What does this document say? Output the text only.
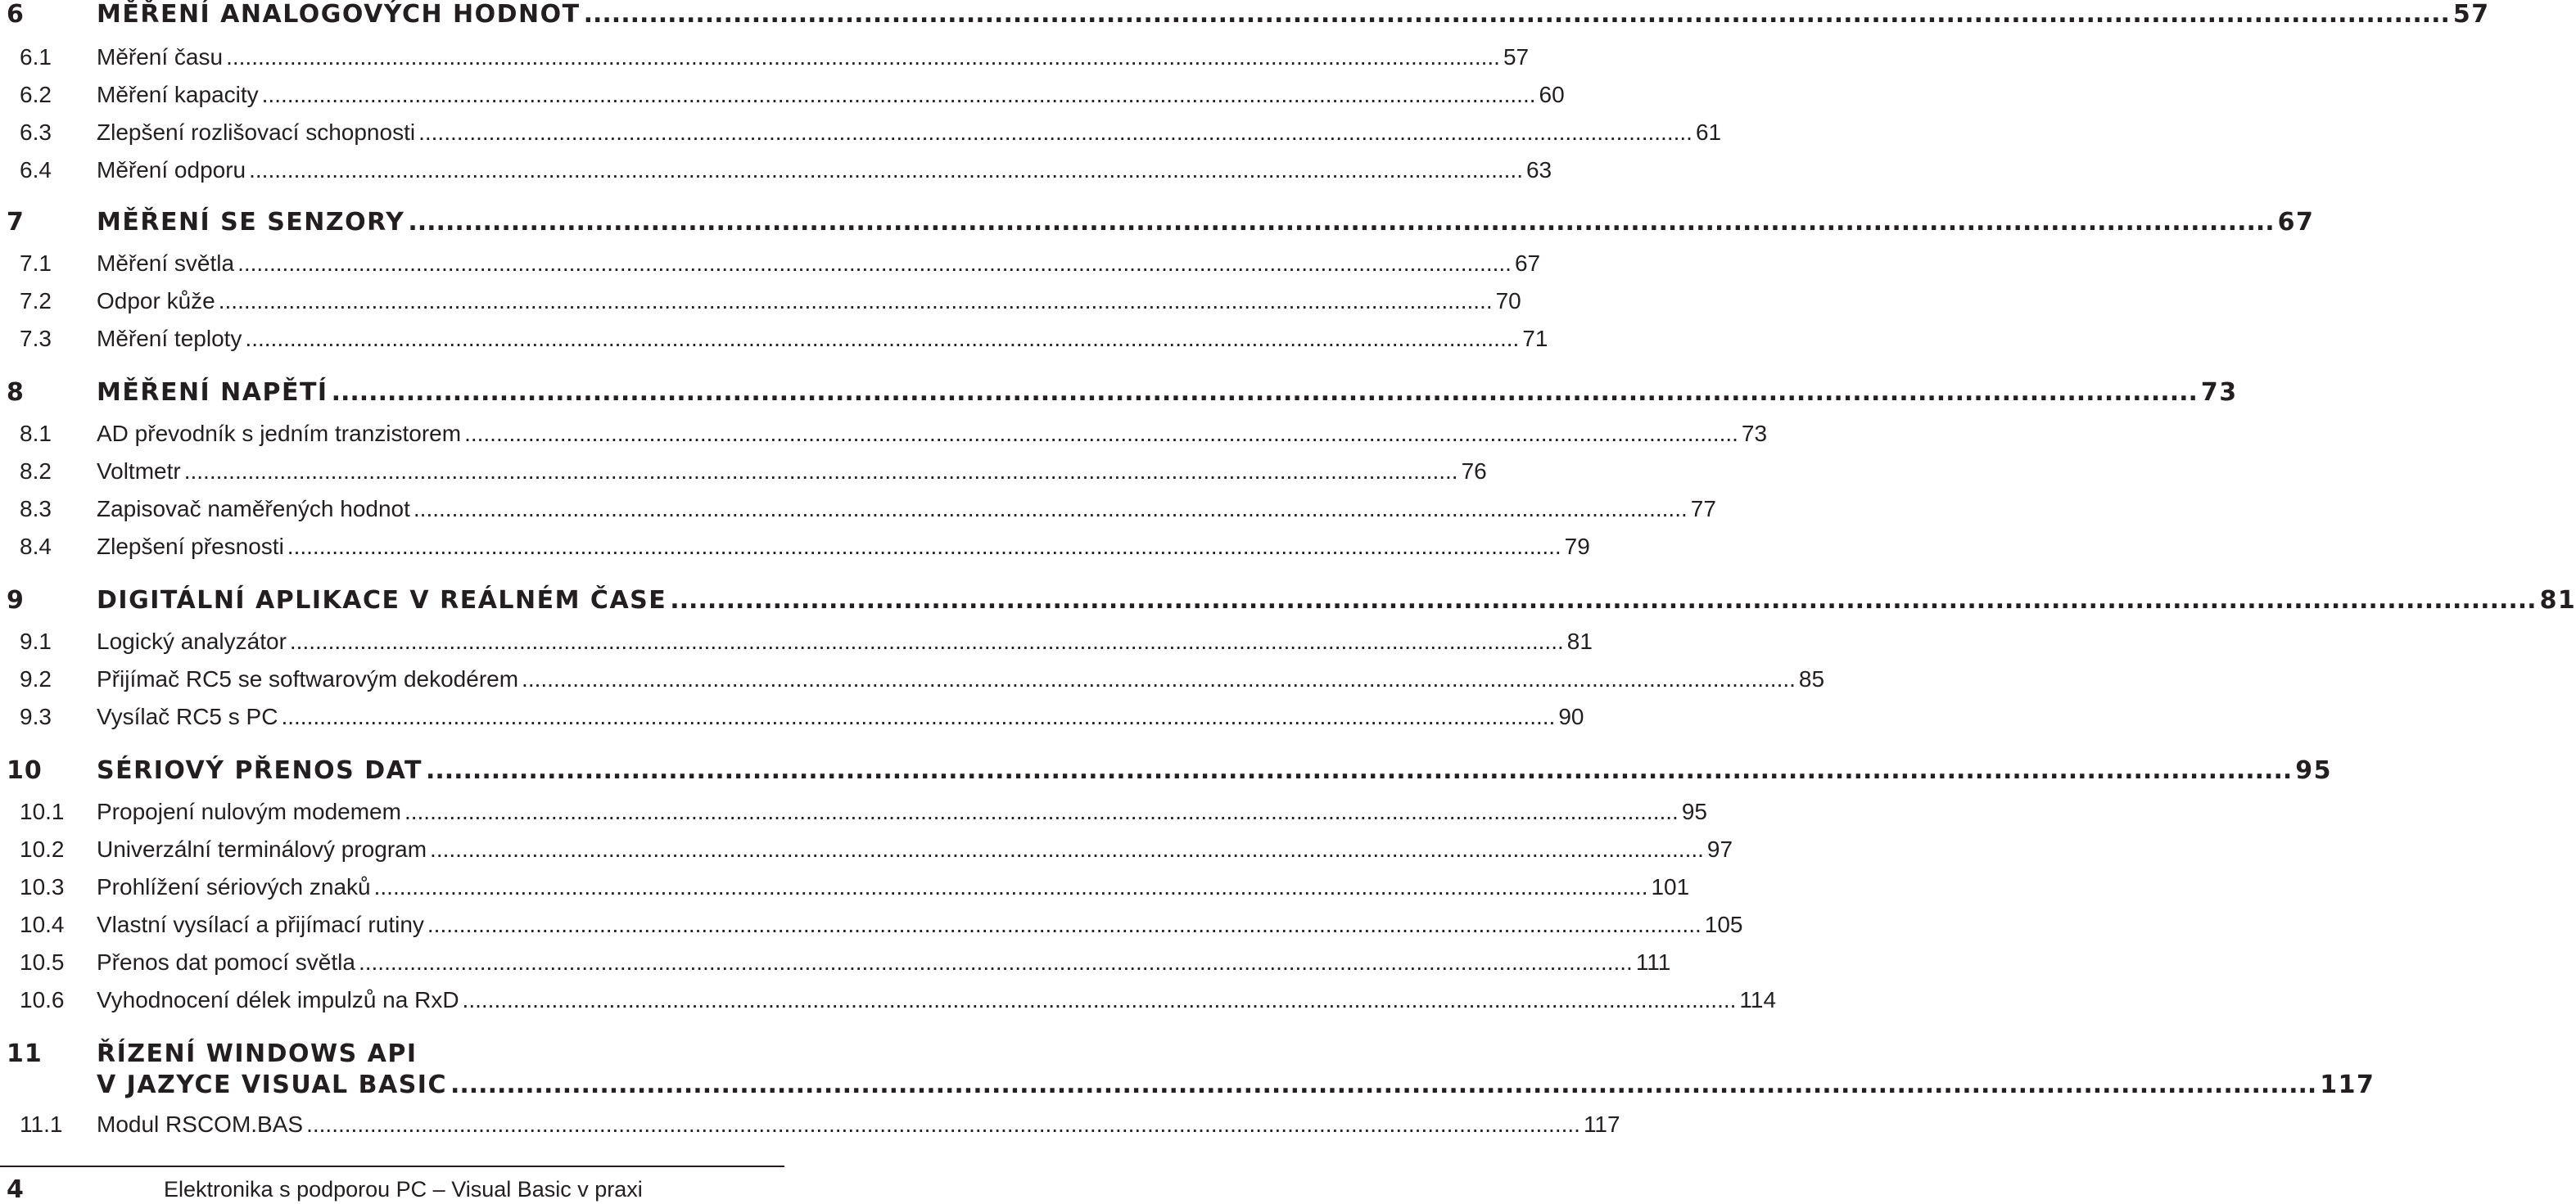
6	MĚŘENÍ ANALOGOVÝCH HODNOT ........................................................................................................................................................................................................ 57
6.1 Měření času ........................................................................................................................................................................................................ 57
6.2 Měření kapacity ........................................................................................................................................................................................................ 60
6.3 Zlepšení rozlišovací schopnosti ........................................................................................................................................................................................................ 61
6.4 Měření odporu ........................................................................................................................................................................................................ 63
7	MĚŘENÍ SE SENZORY ........................................................................................................................................................................................................ 67
7.1 Měření světla ........................................................................................................................................................................................................ 67
7.2 Odpor kůže ........................................................................................................................................................................................................ 70
7.3 Měření teploty ........................................................................................................................................................................................................ 71
8	MĚŘENÍ NAPĚTÍ ........................................................................................................................................................................................................ 73
8.1 AD převodník s jedním tranzistorem ........................................................................................................................................................................................................ 73
8.2 Voltmetr ........................................................................................................................................................................................................ 76
8.3 Zapisovač naměřených hodnot ........................................................................................................................................................................................................ 77
8.4 Zlepšení přesnosti ........................................................................................................................................................................................................ 79
9	DIGITÁLNÍ APLIKACE V REÁLNÉM ČASE ........................................................................................................................................................................................................ 81
9.1 Logický analyzátor ........................................................................................................................................................................................................ 81
9.2 Přijímač RC5 se softwarovým dekodérem ........................................................................................................................................................................................................ 85
9.3 Vysílač RC5 s PC ........................................................................................................................................................................................................ 90
10 SÉRIOVÝ PŘENOS DAT ........................................................................................................................................................................................................ 95
10.1 Propojení nulovým modemem ........................................................................................................................................................................................................ 95
10.2 Univerzální terminálový program ........................................................................................................................................................................................................ 97
10.3 Prohlížení sériových znaků ........................................................................................................................................................................................................ 101
10.4 Vlastní vysílací a přijímací rutiny ........................................................................................................................................................................................................ 105
10.5 Přenos dat pomocí světla ........................................................................................................................................................................................................ 111
10.6 Vyhodnocení délek impulzů na RxD ........................................................................................................................................................................................................ 114
11 ŘÍZENÍ WINDOWS API
V JAZYCE VISUAL BASIC ........................................................................................................................................................................................................ 117
11.1 Modul RSCOM.BAS ........................................................................................................................................................................................................ 117
4	Elektronika s podporou PC – Visual Basic v praxi
